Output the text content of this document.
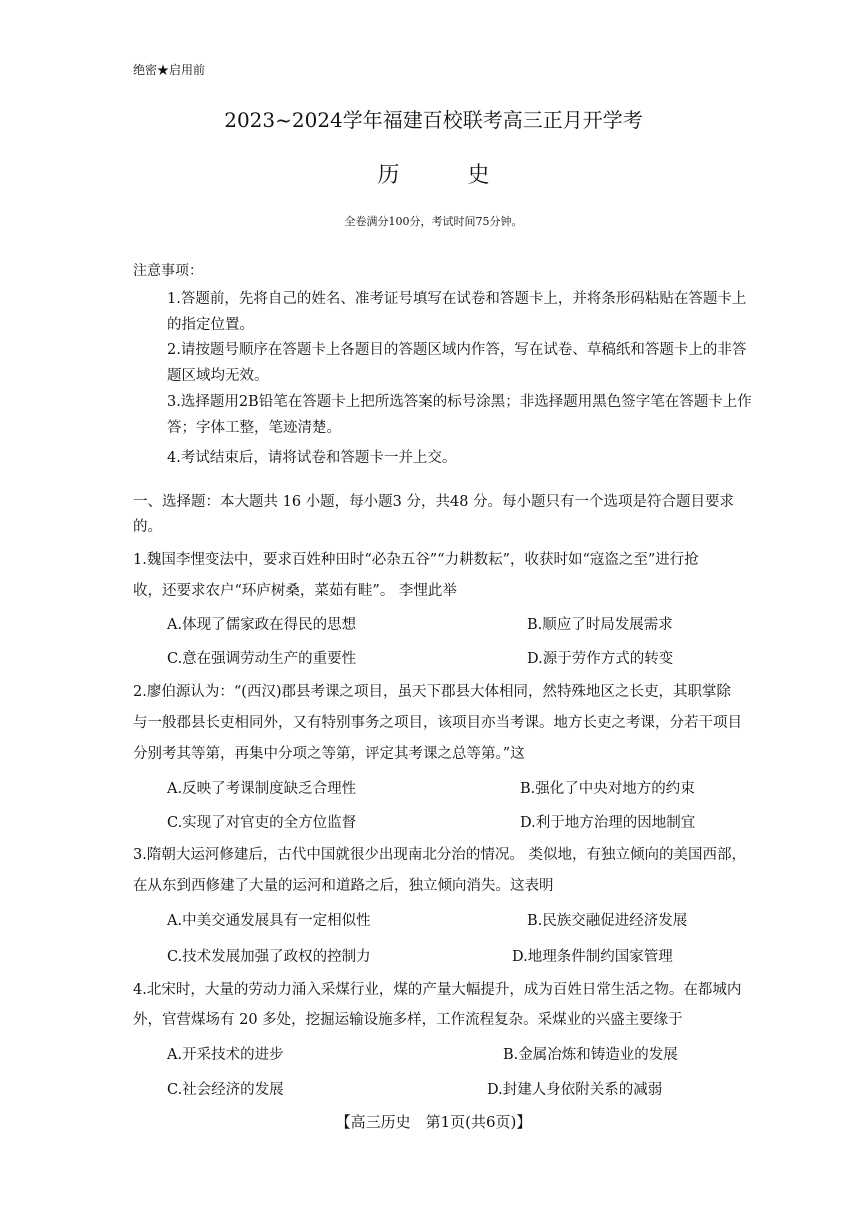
绝密★启用前
2023~2024学年福建百校联考高三正月开学考
历史
全卷满分100分，考试时间75分钟。
注意事项：
1.答题前，先将自己的姓名、准考证号填写在试卷和答题卡上，并将条形码粘贴在答题卡上
的指定位置。
2.请按题号顺序在答题卡上各题目的答题区域内作答，写在试卷、草稿纸和答题卡上的非答
题区域均无效。
3.选择题用2B铅笔在答题卡上把所选答案的标号涂黑；非选择题用黑色签字笔在答题卡上作
答；字体工整，笔迹清楚。
4.考试结束后，请将试卷和答题卡一并上交。
一、选择题：本大题共 16 小题，每小题3 分，共48 分。每小题只有一个选项是符合题目要求
的。
1.魏国李悝变法中，要求百姓种田时“必杂五谷”“力耕数耘”，收获时如“寇盗之至”进行抢
收，还要求农户“环庐树桑，菜茹有畦”。 李悝此举
A.体现了儒家政在得民的思想	B.顺应了时局发展需求
C.意在强调劳动生产的重要性	D.源于劳作方式的转变
2.廖伯源认为：“(西汉)郡县考课之项目，虽天下郡县大体相同，然特殊地区之长吏，其职掌除
与一般郡县长吏相同外，又有特别事务之项目，该项目亦当考课。地方长吏之考课，分若干项目
分别考其等第，再集中分项之等第，评定其考课之总等第。”这
A.反映了考课制度缺乏合理性	B.强化了中央对地方的约束
C.实现了对官吏的全方位监督	D.利于地方治理的因地制宜
3.隋朝大运河修建后，古代中国就很少出现南北分治的情况。 类似地，有独立倾向的美国西部，
在从东到西修建了大量的运河和道路之后，独立倾向消失。这表明
A.中美交通发展具有一定相似性	B.民族交融促进经济发展
C.技术发展加强了政权的控制力	D.地理条件制约国家管理
4.北宋时，大量的劳动力涌入采煤行业，煤的产量大幅提升，成为百姓日常生活之物。在都城内
外，官营煤场有 20 多处，挖掘运输设施多样，工作流程复杂。采煤业的兴盛主要缘于
A.开采技术的进步	B.金属冶炼和铸造业的发展
C.社会经济的发展	D.封建人身依附关系的减弱
【高三历史　第1页(共6页)】
